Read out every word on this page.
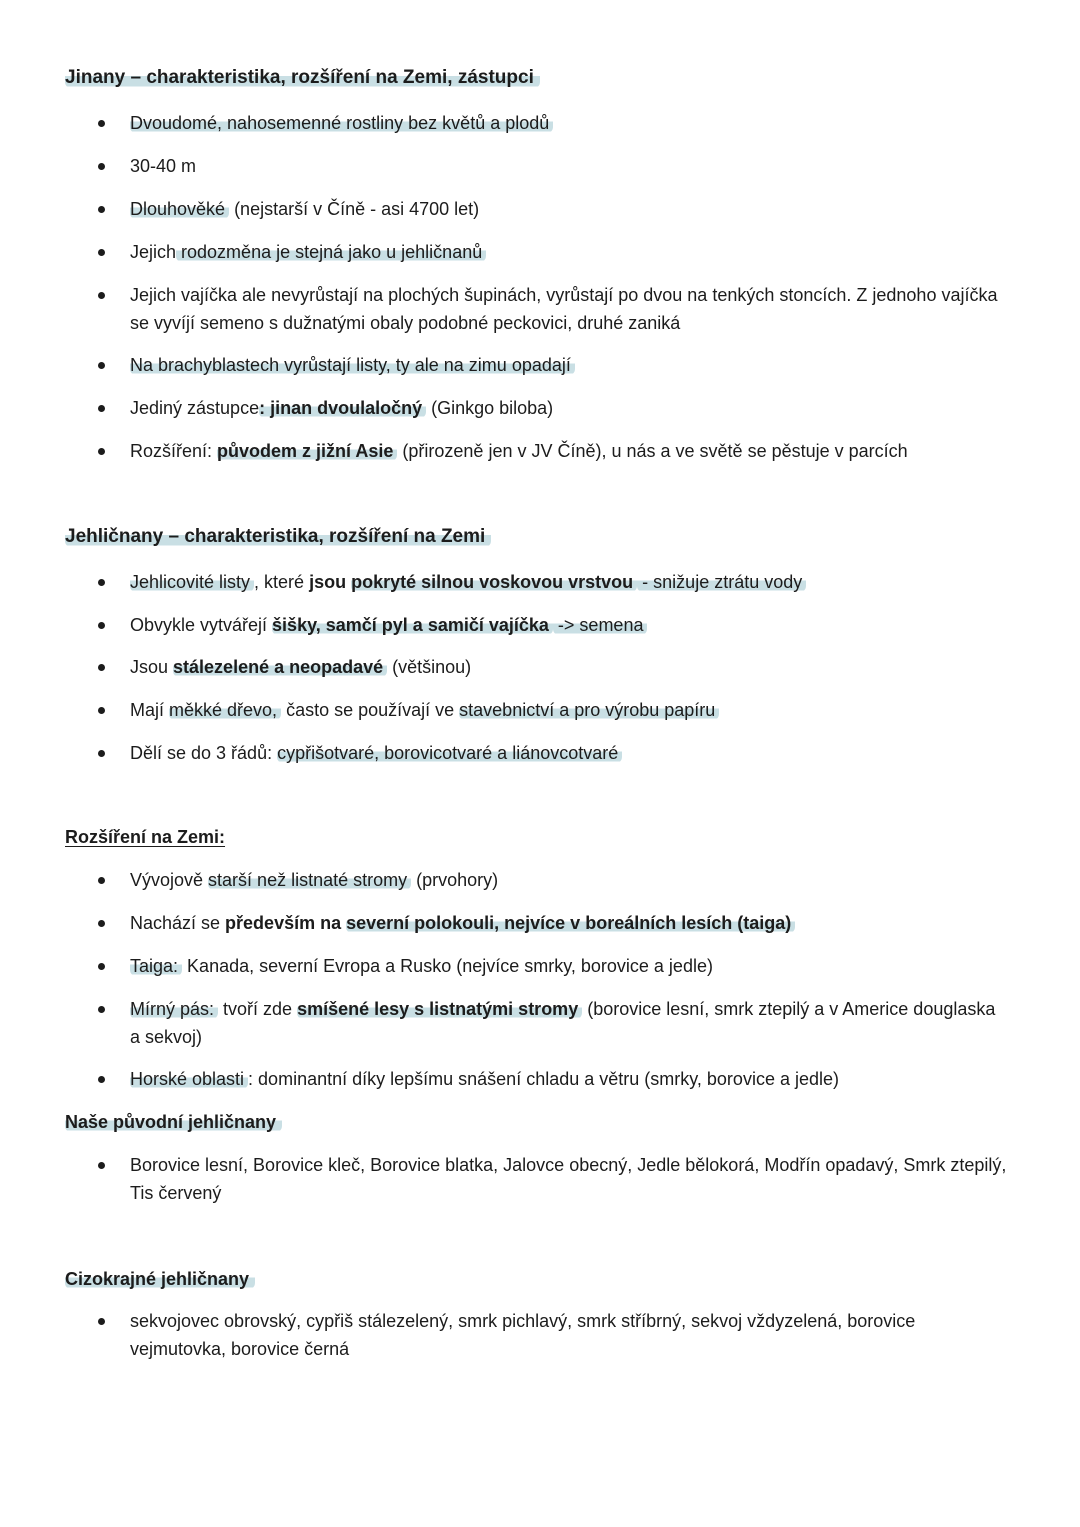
Jinany – charakteristika, rozšíření na Zemi, zástupci
Dvoudomé, nahosemenné rostliny bez květů a plodů
30-40 m
Dlouhověké (nejstarší v Číně - asi 4700 let)
Jejich rodozměna je stejná jako u jehličnanů
Jejich vajíčka ale nevyrůstají na plochých šupinách, vyrůstají po dvou na tenkých stoncích. Z jednoho vajíčka se vyvíjí semeno s dužnatými obaly podobné peckovici, druhé zaniká
Na brachyblastech vyrůstají listy, ty ale na zimu opadají
Jediný zástupce: jinan dvoulaločný (Ginkgo biloba)
Rozšíření: původem z jižní Asie (přirozeně jen v JV Číně), u nás a ve světě se pěstuje v parcích
Jehličnany – charakteristika, rozšíření na Zemi
Jehlicovité listy , které jsou pokryté silnou voskovou vrstvou - snižuje ztrátu vody
Obvykle vytvářejí šišky, samčí pyl a samičí vajíčka -> semena
Jsou stálezelené a neopadavé (většinou)
Mají měkké dřevo, často se používají ve stavebnictví a pro výrobu papíru
Dělí se do 3 řádů: cypřišotvaré, borovicotvaré a liánovcotvaré
Rozšíření na Zemi:
Vývojově starší než listnaté stromy (prvohory)
Nachází se především na severní polokouli, nejvíce v boreálních lesích (taiga)
Taiga: Kanada, severní Evropa a Rusko (nejvíce smrky, borovice a jedle)
Mírný pás: tvoří zde smíšené lesy s listnatými stromy (borovice lesní, smrk ztepilý a v Americe douglaska a sekvoj)
Horské oblasti : dominantní díky lepšímu snášení chladu a větru (smrky, borovice a jedle)
Naše původní jehličnany
Borovice lesní, Borovice kleč, Borovice blatka, Jalovce obecný, Jedle bělokorá, Modřín opadavý, Smrk ztepilý, Tis červený
Cizokrajné jehličnany
sekvojovec obrovský, cypřiš stálezelený, smrk pichlavý, smrk stříbrný, sekvoj vždyzelená, borovice vejmutovka, borovice černá
